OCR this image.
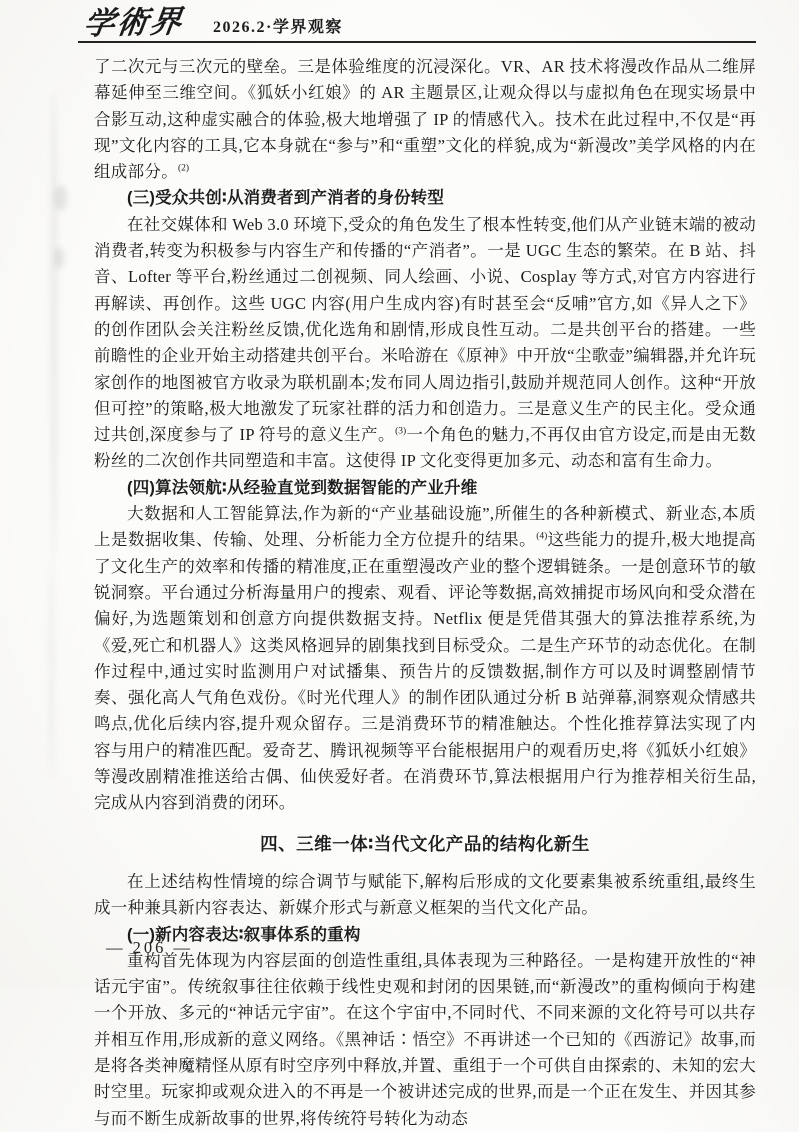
学術界 2026.2·学界观察

了二次元与三次元的壁垒。三是体验维度的沉浸深化。VR、AR 技术将漫改作品从二维屏幕延伸至三维空间。《狐妖小红娘》的 AR 主题景区,让观众得以与虚拟角色在现实场景中合影互动,这种虚实融合的体验,极大地增强了 IP 的情感代入。技术在此过程中,不仅是“再现”文化内容的工具,它本身就在“参与”和“重塑”文化的样貌,成为“新漫改”美学风格的内在组成部分。$^{(2)}$

(三)受众共创∶从消费者到产消者的身份转型

在社交媒体和 Web 3.0 环境下,受众的角色发生了根本性转变,他们从产业链末端的被动消费者,转变为积极参与内容生产和传播的“产消者”。一是 UGC 生态的繁荣。在 B 站、抖音、Lofter 等平台,粉丝通过二创视频、同人绘画、小说、Cosplay 等方式,对官方内容进行再解读、再创作。这些 UGC 内容(用户生成内容)有时甚至会“反哺”官方,如《异人之下》的创作团队会关注粉丝反馈,优化选角和剧情,形成良性互动。二是共创平台的搭建。一些前瞻性的企业开始主动搭建共创平台。米哈游在《原神》中开放“尘歌壶”编辑器,并允许玩家创作的地图被官方收录为联机副本;发布同人周边指引,鼓励并规范同人创作。这种“开放但可控”的策略,极大地激发了玩家社群的活力和创造力。三是意义生产的民主化。受众通过共创,深度参与了 IP 符号的意义生产。$^{(3)}$一个角色的魅力,不再仅由官方设定,而是由无数粉丝的二次创作共同塑造和丰富。这使得 IP 文化变得更加多元、动态和富有生命力。

(四)算法领航∶从经验直觉到数据智能的产业升维

大数据和人工智能算法,作为新的“产业基础设施”,所催生的各种新模式、新业态,本质上是数据收集、传输、处理、分析能力全方位提升的结果。$^{(4)}$这些能力的提升,极大地提高了文化生产的效率和传播的精准度,正在重塑漫改产业的整个逻辑链条。一是创意环节的敏锐洞察。平台通过分析海量用户的搜索、观看、评论等数据,高效捕捉市场风向和受众潜在偏好,为选题策划和创意方向提供数据支持。Netflix 便是凭借其强大的算法推荐系统,为《爱,死亡和机器人》这类风格迥异的剧集找到目标受众。二是生产环节的动态优化。在制作过程中,通过实时监测用户对试播集、预告片的反馈数据,制作方可以及时调整剧情节奏、强化高人气角色戏份。《时光代理人》的制作团队通过分析 B 站弹幕,洞察观众情感共鸣点,优化后续内容,提升观众留存。三是消费环节的精准触达。个性化推荐算法实现了内容与用户的精准匹配。爱奇艺、腾讯视频等平台能根据用户的观看历史,将《狐妖小红娘》等漫改剧精准推送给古偶、仙侠爱好者。在消费环节,算法根据用户行为推荐相关衍生品,完成从内容到消费的闭环。

四、三维一体∶当代文化产品的结构化新生

在上述结构性情境的综合调节与赋能下,解构后形成的文化要素集被系统重组,最终生成一种兼具新内容表达、新媒介形式与新意义框架的当代文化产品。

(一)新内容表达∶叙事体系的重构

重构首先体现为内容层面的创造性重组,具体表现为三种路径。一是构建开放性的“神话元宇宙”。传统叙事往往依赖于线性史观和封闭的因果链,而“新漫改”的重构倾向于构建一个开放、多元的“神话元宇宙”。在这个宇宙中,不同时代、不同来源的文化符号可以共存并相互作用,形成新的意义网络。《黑神话∶悟空》不再讲述一个已知的《西游记》故事,而是将各类神魔精怪从原有时空序列中释放,并置、重组于一个可供自由探索的、未知的宏大时空里。玩家抑或观众进入的不再是一个被讲述完成的世界,而是一个正在发生、并因其参与而不断生成新故事的世界,将传统符号转化为动态

— 206 —
